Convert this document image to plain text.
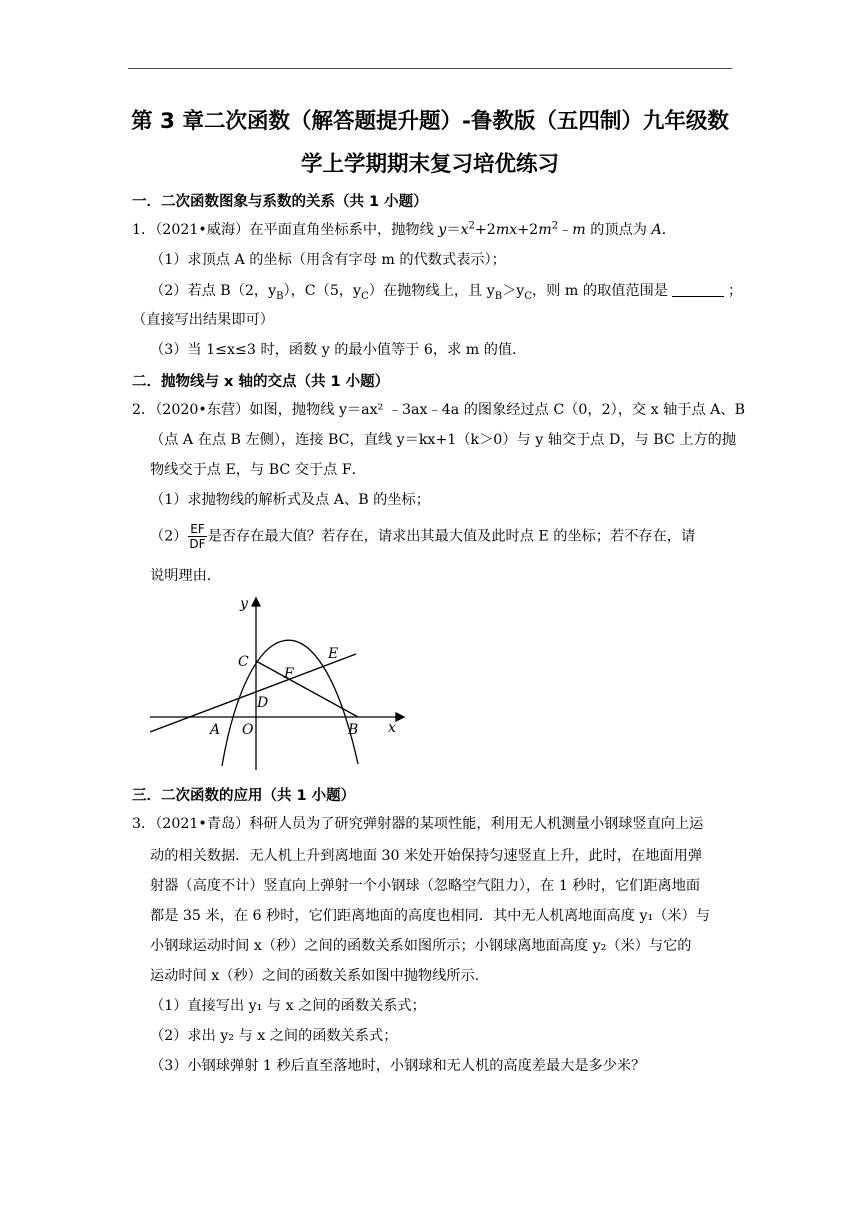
第 3 章二次函数（解答题提升题）-鲁教版（五四制）九年级数
学上学期期末复习培优练习
一．二次函数图象与系数的关系（共 1 小题）
1．（2021•威海）在平面直角坐标系中，抛物线 $y=x^2+2mx+2m^2﹣m$ 的顶点为 A．
（1）求顶点 A 的坐标（用含有字母 m 的代数式表示）；
（2）若点 B（2，$y_B$），C（5，$y_C$）在抛物线上，且 $y_B>y_C$，则 m 的取值范围是	；
（直接写出结果即可）
（3）当 1≤x≤3 时，函数 y 的最小值等于 6，求 m 的值．
二．抛物线与 x 轴的交点（共 1 小题）
2．（2020•东营）如图，抛物线 y＝ax² ﹣3ax﹣4a 的图象经过点 C（0，2），交 x 轴于点 A、B
（点 A 在点 B 左侧），连接 BC，直线 y＝kx+1（k＞0）与 y 轴交于点 D，与 BC 上方的抛
物线交于点 E，与 BC 交于点 F．
（1）求抛物线的解析式及点 A、B 的坐标；
$(2) \frac{EF}{DF}$ 是否存在最大值？若存在，请求出其最大值及此时点 E 的坐标；若不存在，请
说明理由．
y
x
A O	B
C
D
E
F
三．二次函数的应用（共 1 小题）
3．（2021•青岛）科研人员为了研究弹射器的某项性能，利用无人机测量小钢球竖直向上运
动的相关数据．无人机上升到离地面 30 米处开始保持匀速竖直上升，此时，在地面用弹
射器（高度不计）竖直向上弹射一个小钢球（忽略空气阻力），在 1 秒时，它们距离地面
都是 35 米，在 6 秒时，它们距离地面的高度也相同．其中无人机离地面高度 y₁（米）与
小钢球运动时间 x（秒）之间的函数关系如图所示；小钢球离地面高度 y₂（米）与它的
运动时间 x（秒）之间的函数关系如图中抛物线所示．
（1）直接写出 y₁ 与 x 之间的函数关系式；
（2）求出 y₂ 与 x 之间的函数关系式；
（3）小钢球弹射 1 秒后直至落地时，小钢球和无人机的高度差最大是多少米？
